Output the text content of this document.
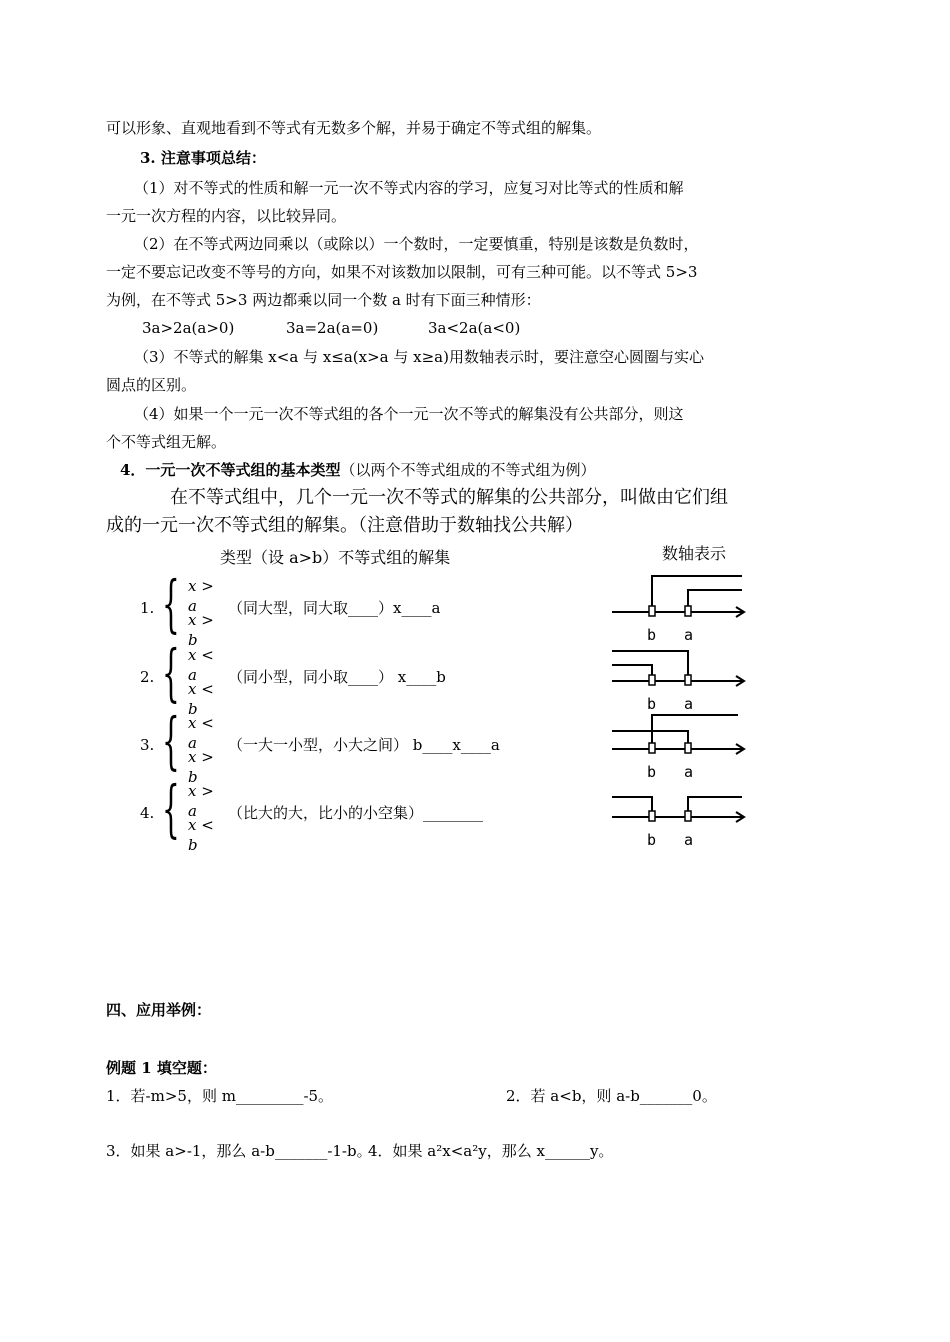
可以形象、直观地看到不等式有无数多个解，并易于确定不等式组的解集。
3. 注意事项总结：
（1）对不等式的性质和解一元一次不等式内容的学习，应复习对比等式的性质和解
一元一次方程的内容，以比较异同。
（2）在不等式两边同乘以（或除以）一个数时，一定要慎重，特别是该数是负数时，
一定不要忘记改变不等号的方向，如果不对该数加以限制，可有三种可能。以不等式 5>3
为例，在不等式 5>3 两边都乘以同一个数 a 时有下面三种情形：
3a>2a(a>0)	3a=2a(a=0)	3a<2a(a<0)
（3）不等式的解集 x<a 与 x≤a(x>a 与 x≥a)用数轴表示时，要注意空心圆圈与实心
圆点的区别。
（4）如果一个一元一次不等式组的各个一元一次不等式的解集没有公共部分，则这
个不等式组无解。
4．一元一次不等式组的基本类型（以两个不等式组成的不等式组为例）
在不等式组中，几个一元一次不等式的解集的公共部分，叫做由它们组
成的一元一次不等式组的解集。（注意借助于数轴找公共解）
类型（设 a>b）不等式组的解集	数轴表示
1. { x > a
x > b
（同大型，同大取____）x____a
b a
2. { x < a
x < b
（同小型，同小取____） x____b
b a
3. { x < a
x > b
（一大一小型，小大之间） b____x____a
b a
4. { x > a
x < b
（比大的大，比小的小空集）________
b a
四、应用举例：
例题 1 填空题：
1．若-m>5，则 m_________-5。	2．若 a<b，则 a-b_______0。
3．如果 a>-1，那么 a-b_______-1-b。
4．如果 a²x<a²y，那么 x______y。
